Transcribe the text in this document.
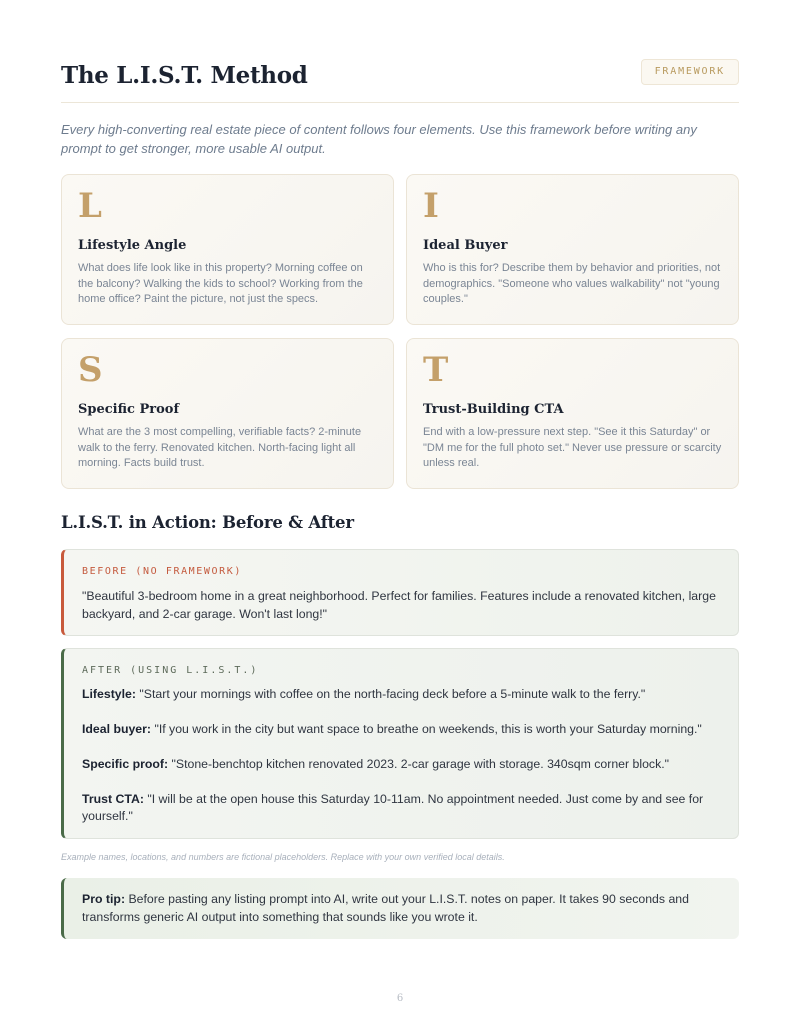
The L.I.S.T. Method	FRAMEWORK

Every high-converting real estate piece of content follows four elements. Use this framework before writing any prompt to get stronger, more usable AI output.

L
Lifestyle Angle
What does life look like in this property? Morning coffee on the balcony? Walking the kids to school? Working from the home office? Paint the picture, not just the specs.
I
Ideal Buyer
Who is this for? Describe them by behavior and priorities, not demographics. "Someone who values walkability" not "young couples."
S
Specific Proof
What are the 3 most compelling, verifiable facts? 2-minute walk to the ferry. Renovated kitchen. North-facing light all morning. Facts build trust.
T
Trust-Building CTA
End with a low-pressure next step. "See it this Saturday" or "DM me for the full photo set." Never use pressure or scarcity unless real.
L.I.S.T. in Action: Before & After
BEFORE (NO FRAMEWORK)

"Beautiful 3-bedroom home in a great neighborhood. Perfect for families. Features include a renovated kitchen, large backyard, and 2-car garage. Won't last long!"

AFTER (USING L.I.S.T.)

Lifestyle: "Start your mornings with coffee on the north-facing deck before a 5-minute walk to the ferry."

Ideal buyer: "If you work in the city but want space to breathe on weekends, this is worth your Saturday morning."

Specific proof: "Stone-benchtop kitchen renovated 2023. 2-car garage with storage. 340sqm corner block."

Trust CTA: "I will be at the open house this Saturday 10-11am. No appointment needed. Just come by and see for yourself."

Example names, locations, and numbers are fictional placeholders. Replace with your own verified local details.

Pro tip: Before pasting any listing prompt into AI, write out your L.I.S.T. notes on paper. It takes 90 seconds and transforms generic AI output into something that sounds like you wrote it.

6
